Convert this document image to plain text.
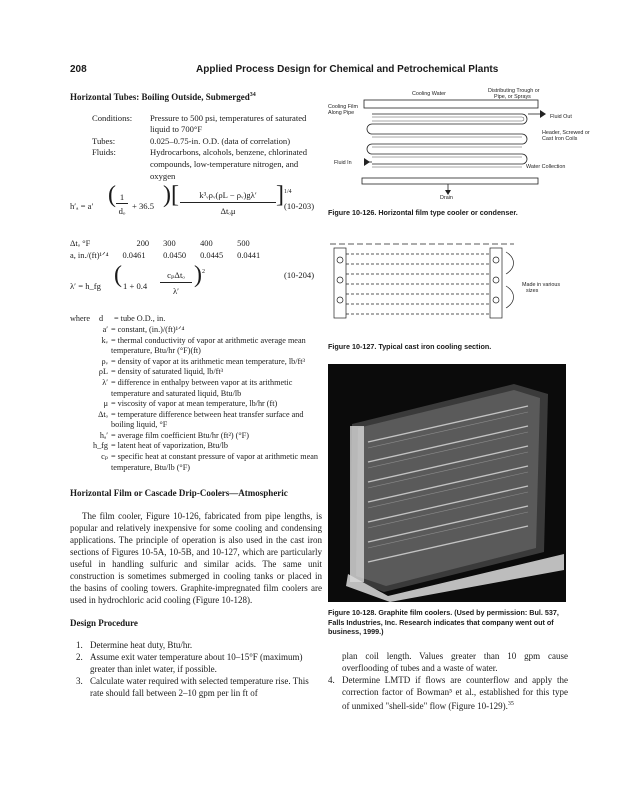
208	Applied Process Design for Chemical and Petrochemical Plants
Horizontal Tubes: Boiling Outside, Submerged$^{34}$
Conditions:	Pressure to 500 psi, temperatures of saturated liquid to 700°F
Tubes:	0.025–0.75-in. O.D. (data of correlation)
Fluids:	Hydrocarbons, alcohols, benzene, chlorinated compounds, low-temperature nitrogen, and oxygen
h′ₐ = a′ ( 1
dₒ + 36.5 ) [	k³ᵥρᵥ(ρL − ρᵥ)gλ′
Δtₒμ
] 1/4
Δtₒ °F	200	300	400	500
a, in./(ft)¹ᐟ⁴	0.0461	0.0450	0.0445	0.0441
λ′ = h_fg ( 1 + 0.4
cₚΔtₒ
λ′
) 2
where	d	= tube O.D., in.
a′ = constant, (in.)/(ft)¹ᐟ⁴
kᵥ = thermal conductivity of vapor at arithmetic average mean temperature, Btu/hr (°F)(ft)
ρᵥ = density of vapor at its arithmetic mean temperature, lb/ft³
ρL = density of saturated liquid, lb/ft³
λ′ = difference in enthalpy between vapor at its arithmetic temperature and saturated liquid, Btu/lb
μ = viscosity of vapor at mean temperature, lb/hr (ft)
Δtₒ = temperature difference between heat transfer surface and boiling liquid, °F
hₐ′ = average film coefficient Btu/hr (ft²) (°F)
h_fg = latent heat of vaporization, Btu/lb
cₚ = specific heat at constant pressure of vapor at arithmetic mean temperature, Btu/lb (°F)
(10-203)
(10-204)
Horizontal Film or Cascade Drip-Coolers—Atmospheric
The film cooler, Figure 10-126, fabricated from pipe lengths, is popular and relatively inexpensive for some cooling and condensing applications. The principle of operation is also used in the cast iron sections of Figures 10-5A, 10-5B, and 10-127, which are particularly useful in handling sulfuric and similar acids. The same unit construction is sometimes submerged in cooling tanks or placed in the basins of cooling towers. Graphite-impregnated film coolers are used in hydrochloric acid cooling (Figure 10-128).
Design Procedure
1. Determine heat duty, Btu/hr.
2. Assume exit water temperature about 10–15°F (maximum) greater than inlet water, if possible.
3. Calculate water required with selected temperature rise. This rate should fall between 2–10 gpm per lin ft of
Cooling Water	Distributing Trough or
Pipe, or Sprays
Cooling Film
Along Pipe
Fluid Out
Header, Screwed or
Cast Iron Coils
Fluid In
Water Collection
Drain
Figure 10-126. Horizontal film type cooler or condenser.
Made in various
sizes
Figure 10-127. Typical cast iron cooling section.
Figure 10-128. Graphite film coolers. (Used by permission: Bul. 537, Falls Industries, Inc. Research indicates that company went out of business, 1999.)
plan coil length. Values greater than 10 gpm cause overflooding of tubes and a waste of water.
4. Determine LMTD if flows are counterflow and apply the correction factor of Bowman⁵ et al., established for this type of unmixed "shell-side" flow (Figure 10-129).$^{35}$
